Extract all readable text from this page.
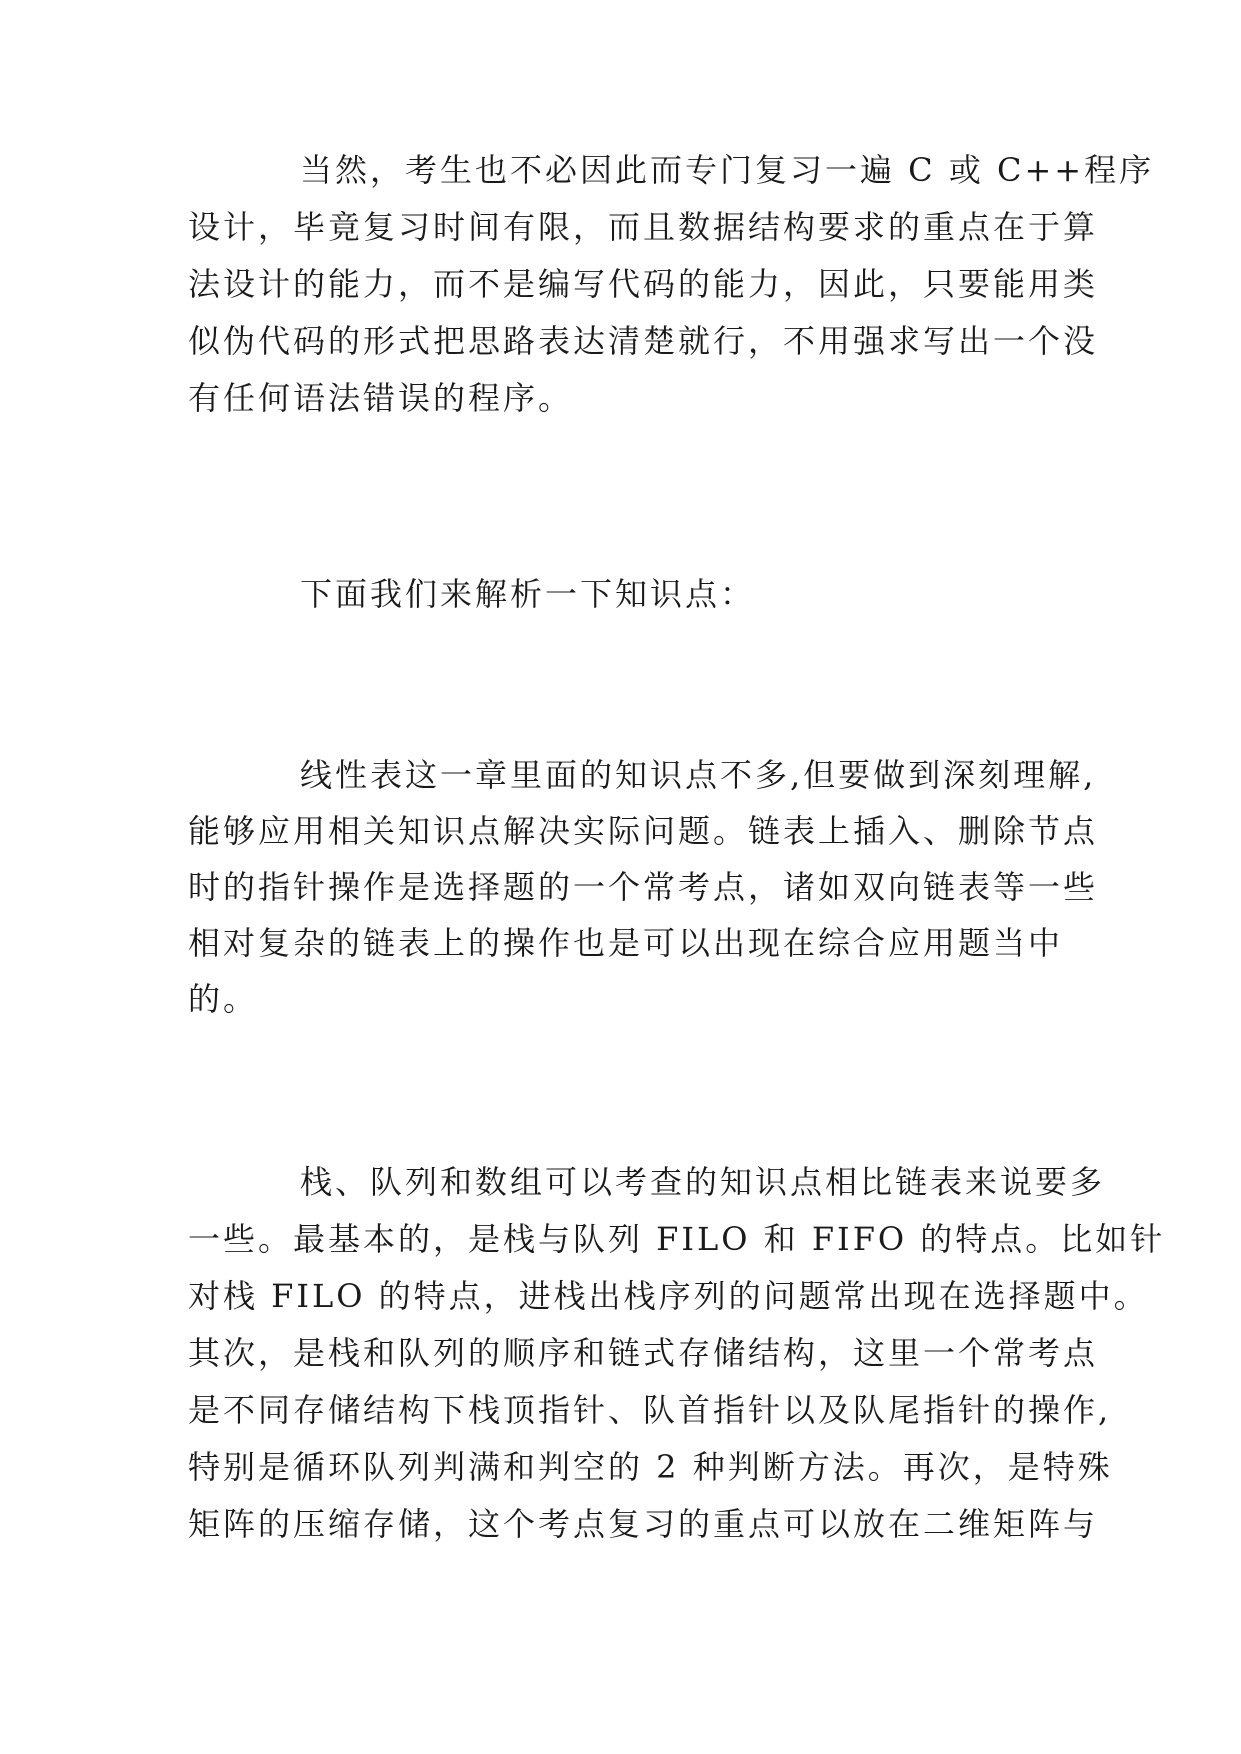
当然，考生也不必因此而专门复习一遍 C 或 C++程序

设计，毕竟复习时间有限，而且数据结构要求的重点在于算

法设计的能力，而不是编写代码的能力，因此，只要能用类

似伪代码的形式把思路表达清楚就行，不用强求写出一个没

有任何语法错误的程序。

下面我们来解析一下知识点：

线性表这一章里面的知识点不多,但要做到深刻理解,

能够应用相关知识点解决实际问题。链表上插入、删除节点

时的指针操作是选择题的一个常考点，诸如双向链表等一些

相对复杂的链表上的操作也是可以出现在综合应用题当中

的。

栈、队列和数组可以考查的知识点相比链表来说要多

一些。最基本的，是栈与队列 FILO 和 FIFO 的特点。比如针

对栈 FILO 的特点，进栈出栈序列的问题常出现在选择题中。

其次，是栈和队列的顺序和链式存储结构，这里一个常考点

是不同存储结构下栈顶指针、队首指针以及队尾指针的操作,

特别是循环队列判满和判空的 2 种判断方法。再次，是特殊

矩阵的压缩存储，这个考点复习的重点可以放在二维矩阵与
